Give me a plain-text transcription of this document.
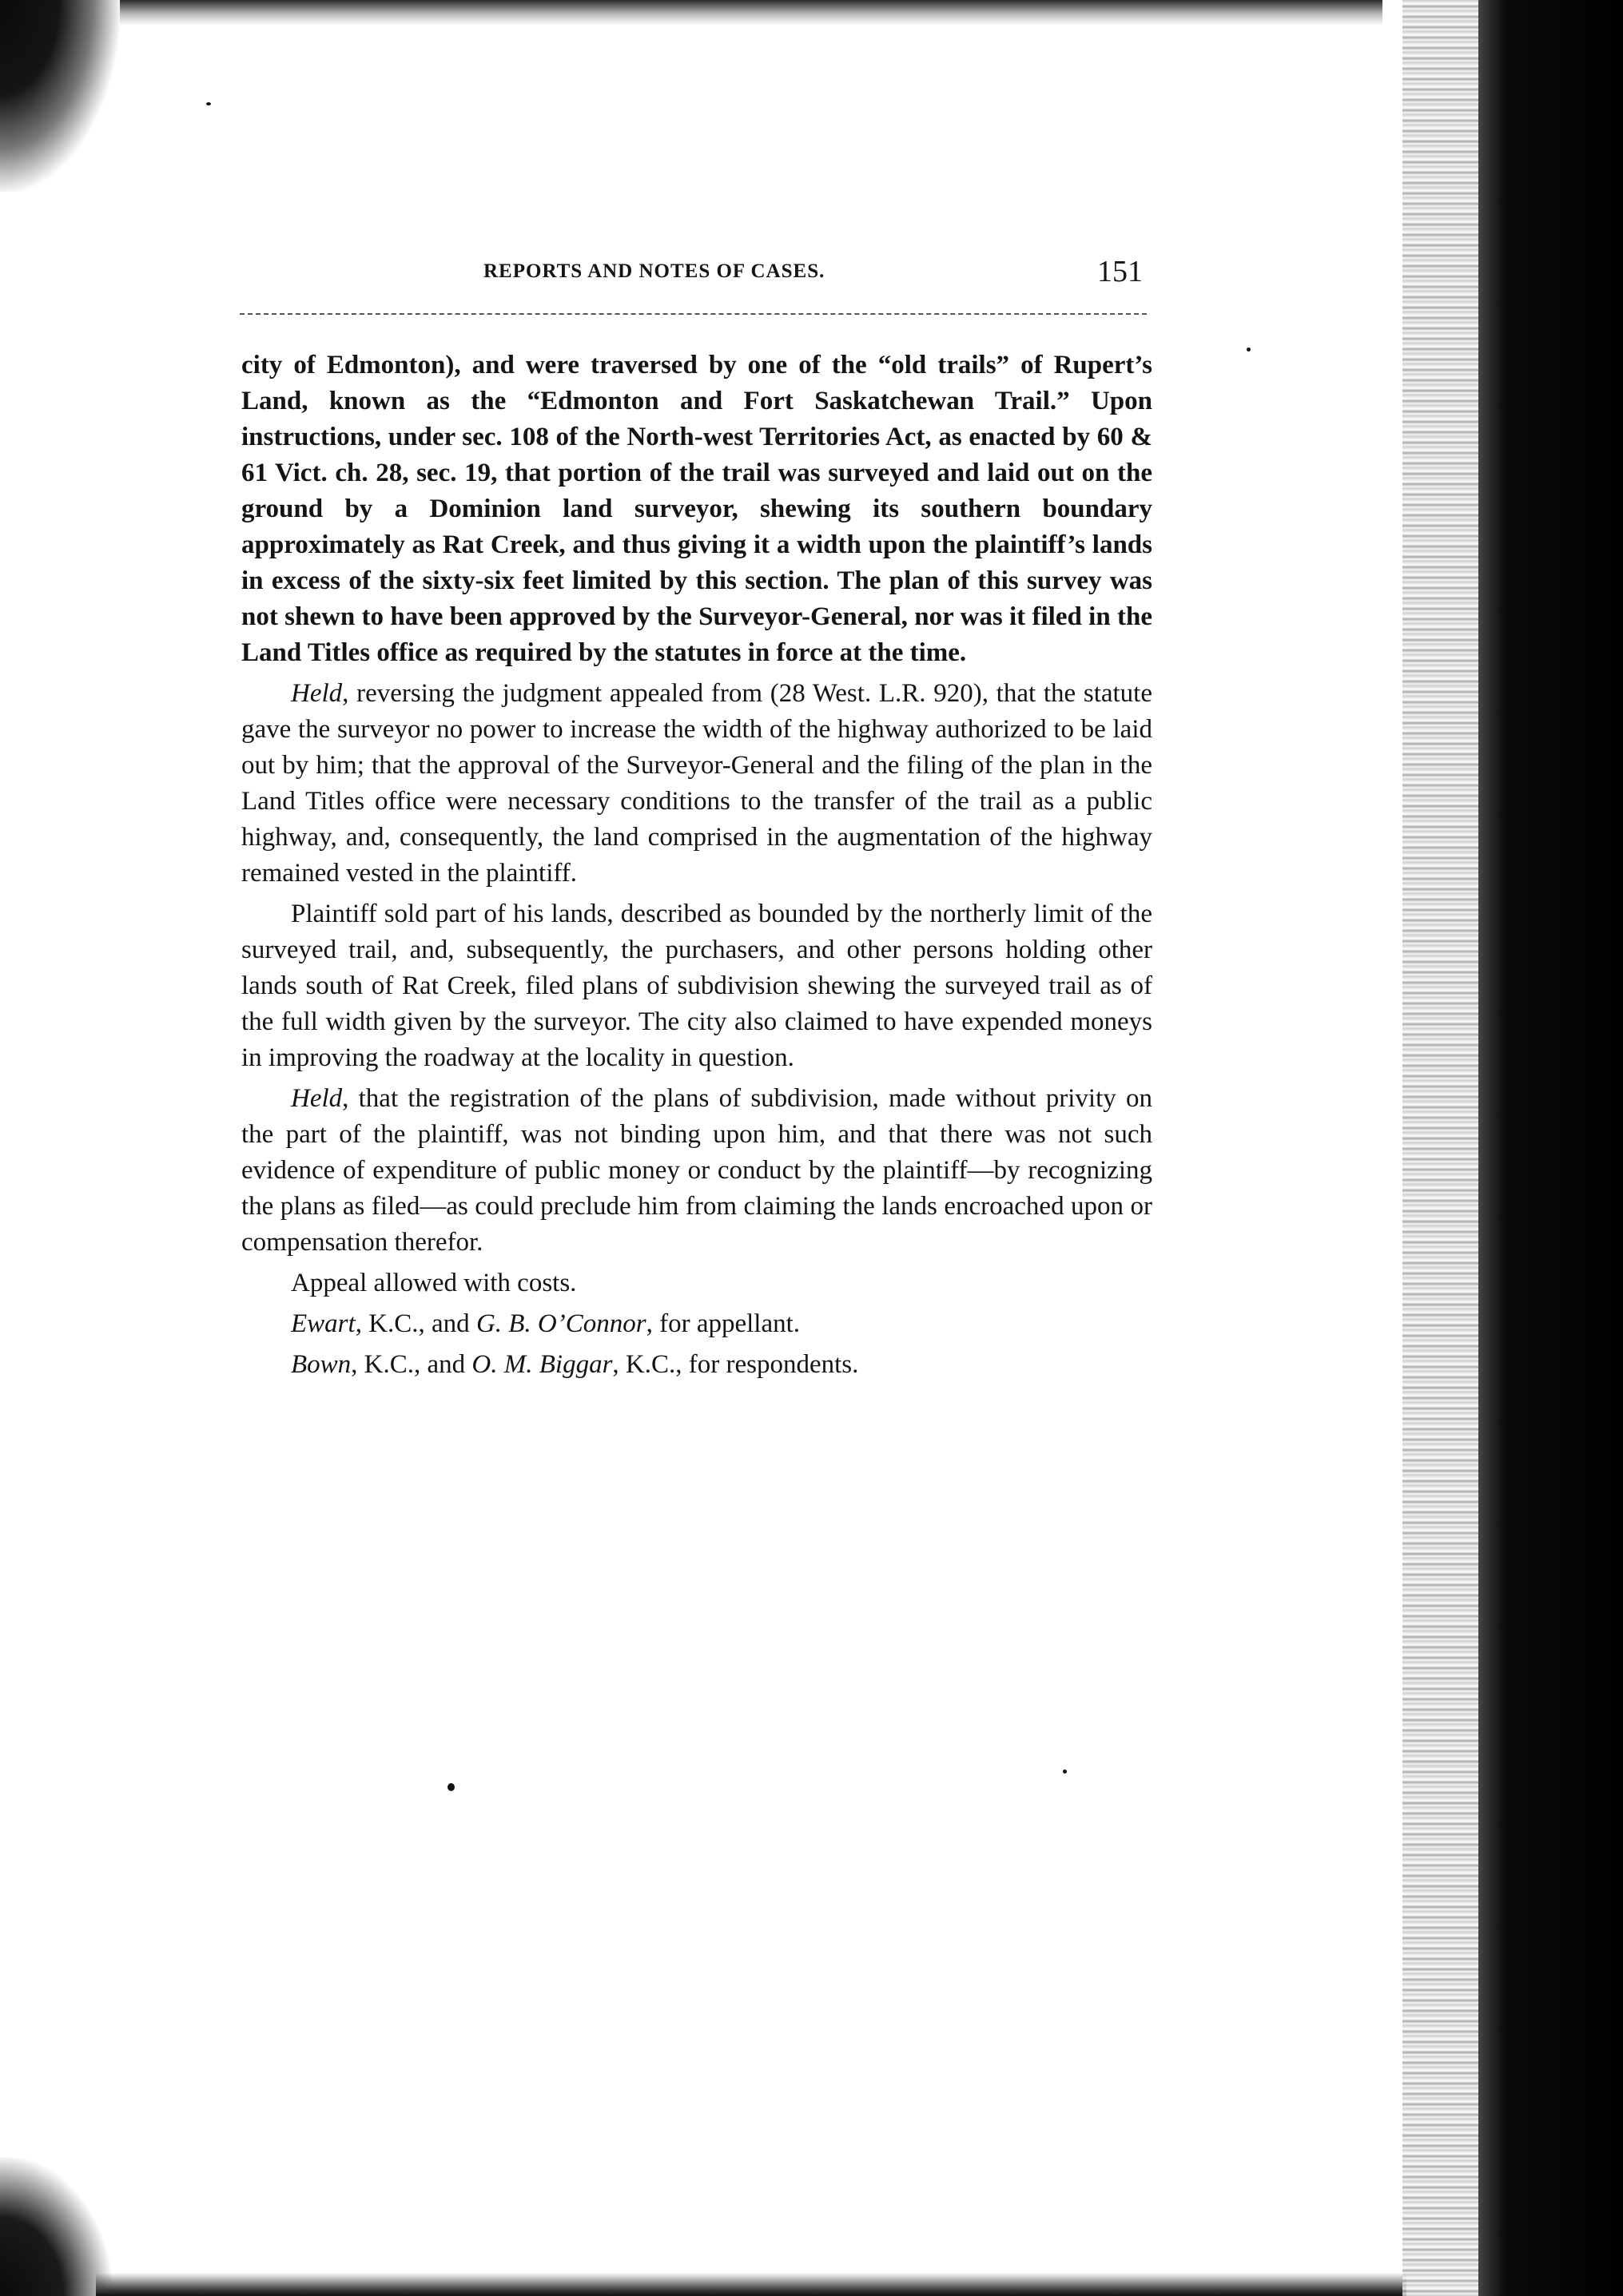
REPORTS AND NOTES OF CASES.	151

city of Edmonton), and were traversed by one of the “old trails” of Rupert’s Land, known as the “Edmonton and Fort Saskatchewan Trail.” Upon instructions, under sec. 108 of the North-west Territories Act, as enacted by 60 & 61 Vict. ch. 28, sec. 19, that portion of the trail was surveyed and laid out on the ground by a Dominion land surveyor, shewing its southern boundary approximately as Rat Creek, and thus giving it a width upon the plaintiff’s lands in excess of the sixty-six feet limited by this section. The plan of this survey was not shewn to have been approved by the Surveyor-General, nor was it filed in the Land Titles office as required by the statutes in force at the time.

Held, reversing the judgment appealed from (28 West. L.R. 920), that the statute gave the surveyor no power to increase the width of the highway authorized to be laid out by him; that the approval of the Surveyor-General and the filing of the plan in the Land Titles office were necessary conditions to the transfer of the trail as a public highway, and, consequently, the land comprised in the augmentation of the highway remained vested in the plaintiff.

Plaintiff sold part of his lands, described as bounded by the northerly limit of the surveyed trail, and, subsequently, the purchasers, and other persons holding other lands south of Rat Creek, filed plans of subdivision shewing the surveyed trail as of the full width given by the surveyor. The city also claimed to have expended moneys in improving the roadway at the locality in question.

Held, that the registration of the plans of subdivision, made without privity on the part of the plaintiff, was not binding upon him, and that there was not such evidence of expenditure of public money or conduct by the plaintiff—by recognizing the plans as filed—as could preclude him from claiming the lands encroached upon or compensation therefor.

Appeal allowed with costs.

Ewart, K.C., and G. B. O’Connor, for appellant.

Bown, K.C., and O. M. Biggar, K.C., for respondents.
